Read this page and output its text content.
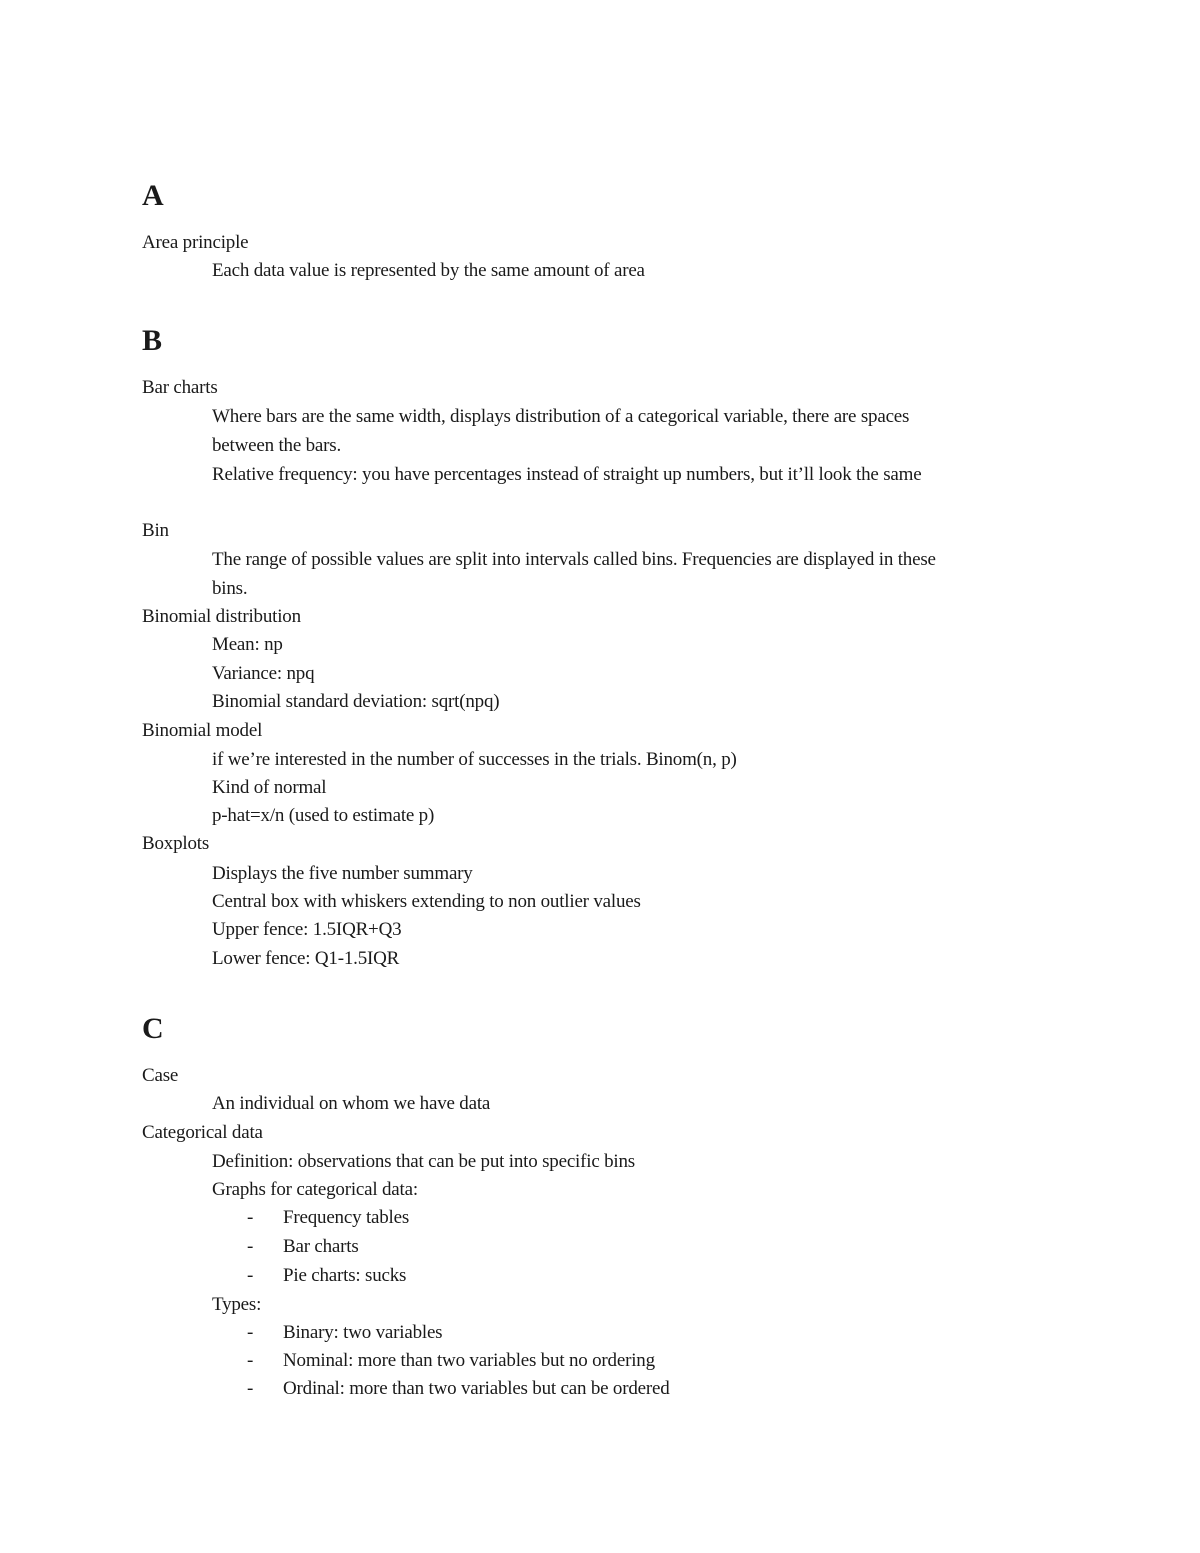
A
Area principle
Each data value is represented by the same amount of area
B
Bar charts
Where bars are the same width, displays distribution of a categorical variable, there are spaces
between the bars.
Relative frequency: you have percentages instead of straight up numbers, but it’ll look the same
Bin
The range of possible values are split into intervals called bins. Frequencies are displayed in these
bins.
Binomial distribution
Mean: np
Variance: npq
Binomial standard deviation: sqrt(npq)
Binomial model
if we’re interested in the number of successes in the trials. Binom(n, p)
Kind of normal
p-hat=x/n (used to estimate p)
Boxplots
Displays the five number summary
Central box with whiskers extending to non outlier values
Upper fence: 1.5IQR+Q3
Lower fence: Q1-1.5IQR
C
Case
An individual on whom we have data
Categorical data
Definition: observations that can be put into specific bins
Graphs for categorical data:
- Frequency tables
- Bar charts
- Pie charts: sucks
Types:
- Binary: two variables
- Nominal: more than two variables but no ordering
- Ordinal: more than two variables but can be ordered
